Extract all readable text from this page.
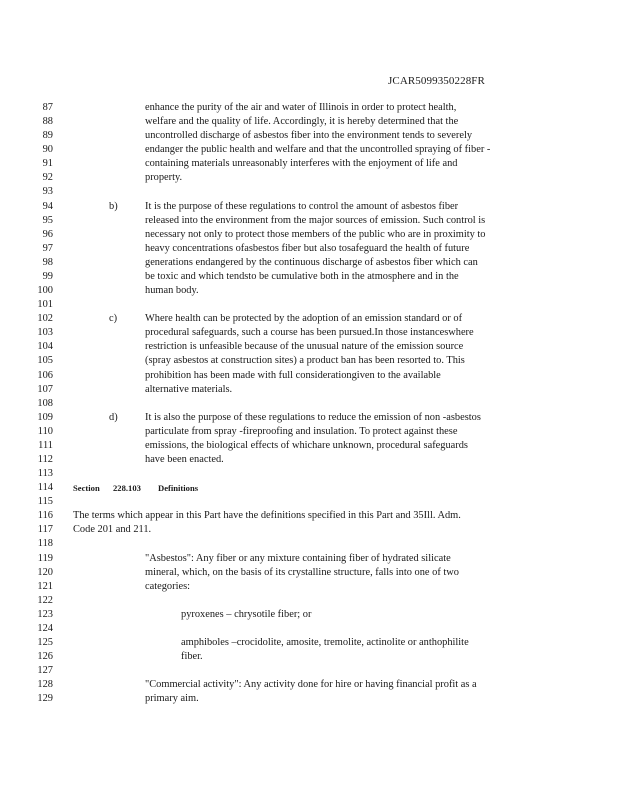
JCAR5099350228FR
87	enhance the purity of the air and water of Illinois in order to protect health,
88	welfare and the quality of life. Accordingly, it is hereby determined that the
89	uncontrolled discharge of asbestos fiber into the environment tends to severely
90	endanger the public health and welfare and that the uncontrolled spraying of fiber -
91	containing materials unreasonably interferes with the enjoyment of life and
92	property.
93
94	b)	It is the purpose of these regulations to control the amount of asbestos fiber
95	released into the environment from the major sources of emission. Such control is
96	necessary not only to protect those members of the public who are in proximity to
97	heavy concentrations ofasbestos fiber but also tosafeguard the health of future
98	generations endangered by the continuous discharge of asbestos fiber which can
99	be toxic and which tendsto be cumulative both in the atmosphere and in the
100	human body.
101
102	c)	Where health can be protected by the adoption of an emission standard or of
103	procedural safeguards, such a course has been pursued.In those instanceswhere
104	restriction is unfeasible because of the unusual nature of the emission source
105	(spray asbestos at construction sites) a product ban has been resorted to. This
106	prohibition has been made with full considerationgiven to the available
107	alternative materials.
108
109	d)	It is also the purpose of these regulations to reduce the emission of non -asbestos
110	particulate from spray -fireproofing and insulation. To protect against these
111	emissions, the biological effects of whichare unknown, procedural safeguards
112	have been enacted.
113
114 Section 228.103 Definitions
115
116 The terms which appear in this Part have the definitions specified in this Part and 35Ill. Adm.
117 Code 201 and 211.
118
119	"Asbestos": Any fiber or any mixture containing fiber of hydrated silicate
120	mineral, which, on the basis of its crystalline structure, falls into one of two
121	categories:
122
123	pyroxenes – chrysotile fiber; or
124
125	amphiboles –crocidolite, amosite, tremolite, actinolite or anthophilite
126	fiber.
127
128	"Commercial activity": Any activity done for hire or having financial profit as a
129	primary aim.
